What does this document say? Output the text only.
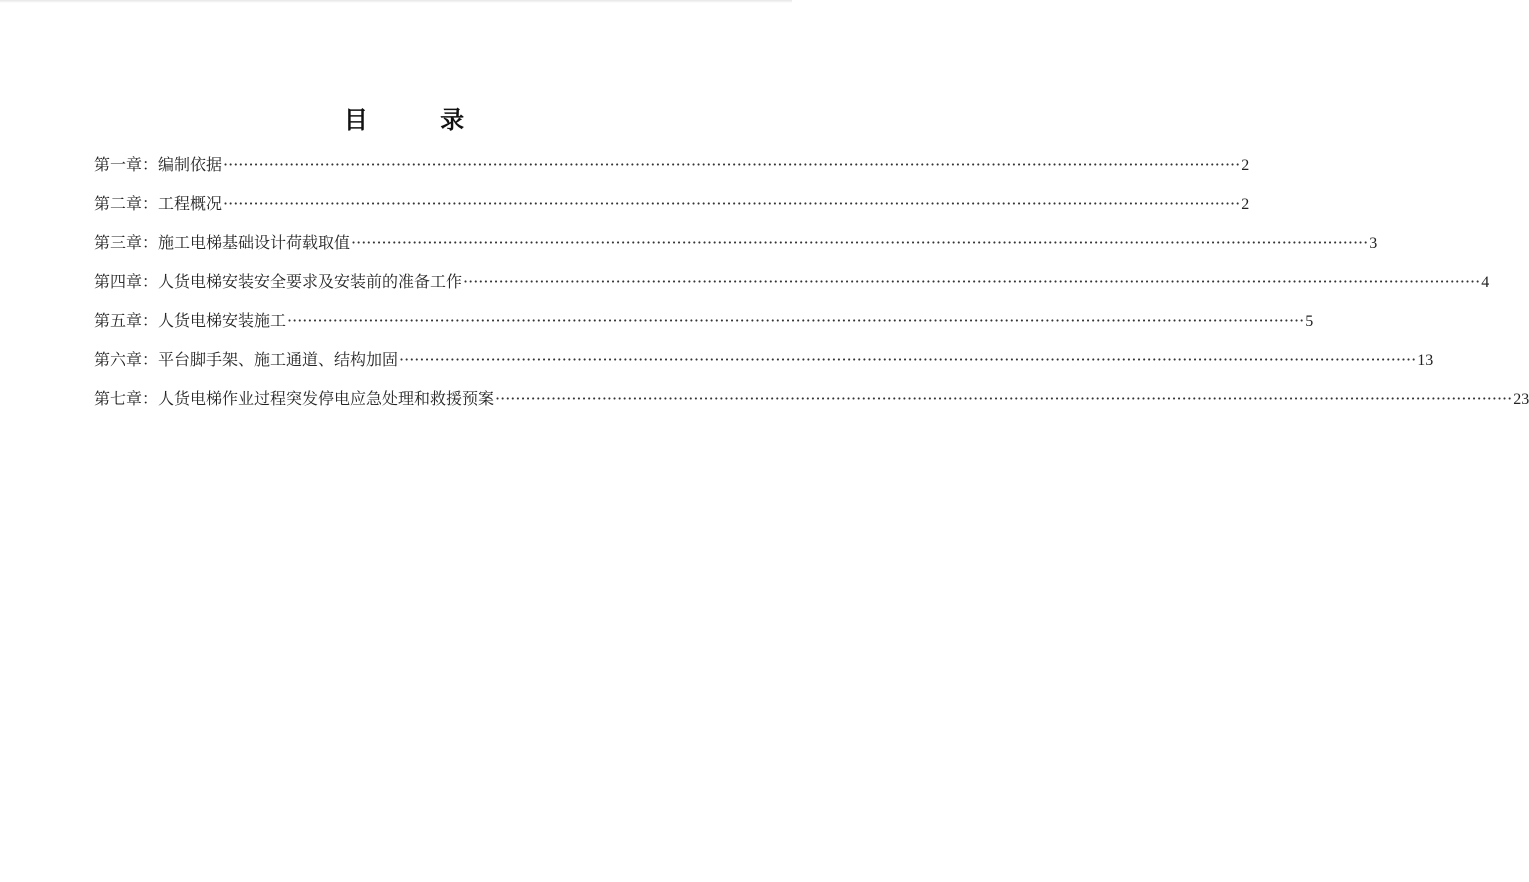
目 录
第一章： 编制依据 ········································································································································································································ 2
第二章： 工程概况 ········································································································································································································ 2
第三章： 施工电梯基础设计荷载取值 ········································································································································································································ 3
第四章： 人货电梯安装安全要求及安装前的准备工作 ········································································································································································································ 4
第五章： 人货电梯安装施工 ········································································································································································································ 5
第六章： 平台脚手架、施工通道、结构加固 ········································································································································································································ 13
第七章： 人货电梯作业过程突发停电应急处理和救援预案 ········································································································································································································ 23
